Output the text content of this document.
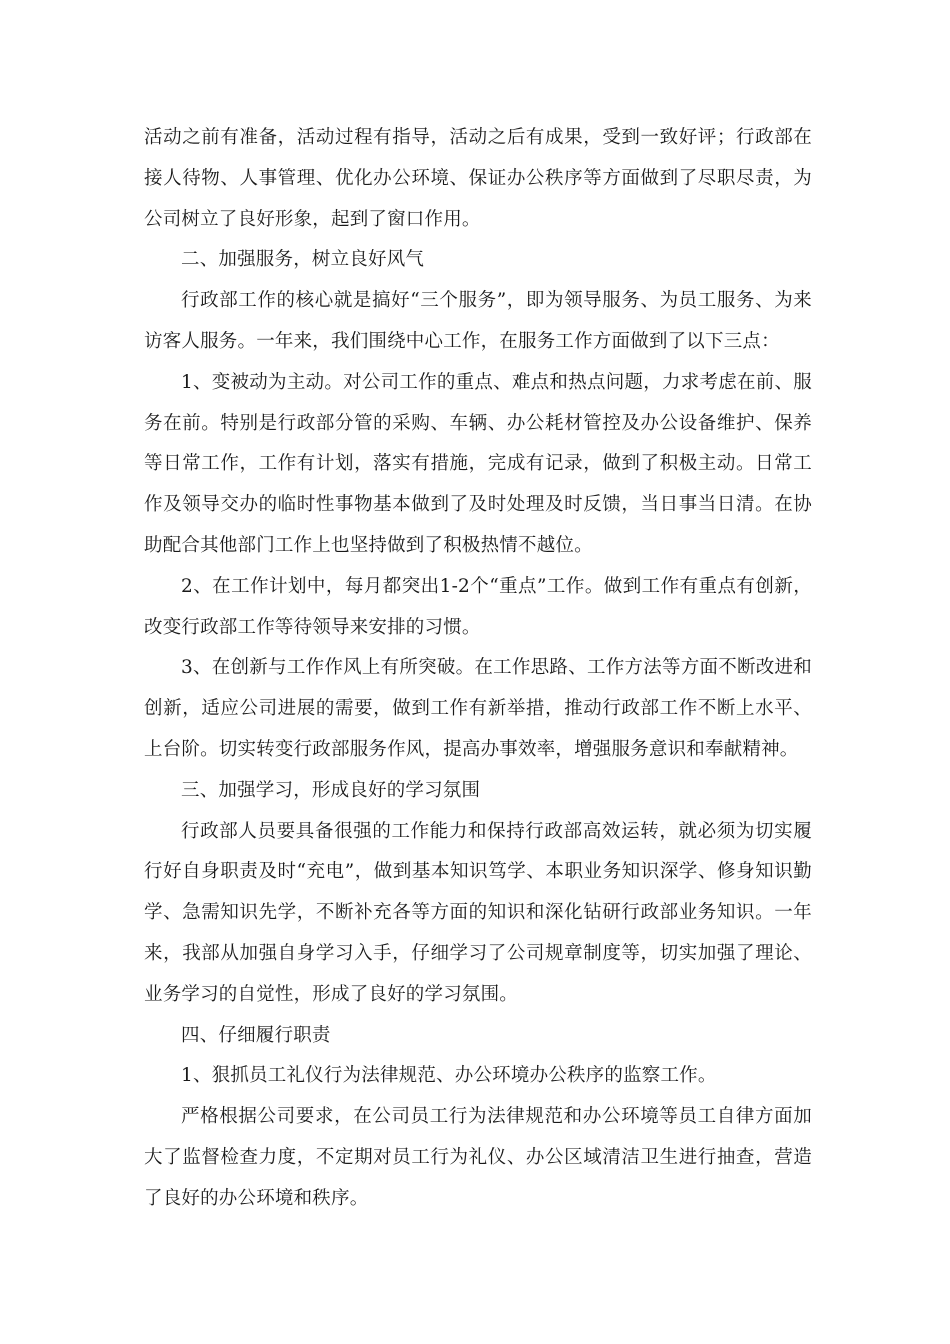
活动之前有准备，活动过程有指导，活动之后有成果，受到一致好评；行政部在接人待物、人事管理、优化办公环境、保证办公秩序等方面做到了尽职尽责，为公司树立了良好形象，起到了窗口作用。

二、加强服务，树立良好风气

行政部工作的核心就是搞好“三个服务”，即为领导服务、为员工服务、为来访客人服务。一年来，我们围绕中心工作，在服务工作方面做到了以下三点：

1、变被动为主动。对公司工作的重点、难点和热点问题，力求考虑在前、服务在前。特别是行政部分管的采购、车辆、办公耗材管控及办公设备维护、保养等日常工作，工作有计划，落实有措施，完成有记录，做到了积极主动。日常工作及领导交办的临时性事物基本做到了及时处理及时反馈，当日事当日清。在协助配合其他部门工作上也坚持做到了积极热情不越位。

2、在工作计划中，每月都突出1-2个“重点”工作。做到工作有重点有创新，改变行政部工作等待领导来安排的习惯。

3、在创新与工作作风上有所突破。在工作思路、工作方法等方面不断改进和创新，适应公司进展的需要，做到工作有新举措，推动行政部工作不断上水平、上台阶。切实转变行政部服务作风，提高办事效率，增强服务意识和奉献精神。

三、加强学习，形成良好的学习氛围

行政部人员要具备很强的工作能力和保持行政部高效运转，就必须为切实履行好自身职责及时“充电”，做到基本知识笃学、本职业务知识深学、修身知识勤学、急需知识先学，不断补充各等方面的知识和深化钻研行政部业务知识。一年来，我部从加强自身学习入手，仔细学习了公司规章制度等，切实加强了理论、业务学习的自觉性，形成了良好的学习氛围。

四、仔细履行职责

1、狠抓员工礼仪行为法律规范、办公环境办公秩序的监察工作。

严格根据公司要求，在公司员工行为法律规范和办公环境等员工自律方面加大了监督检查力度，不定期对员工行为礼仪、办公区域清洁卫生进行抽查，营造了良好的办公环境和秩序。
